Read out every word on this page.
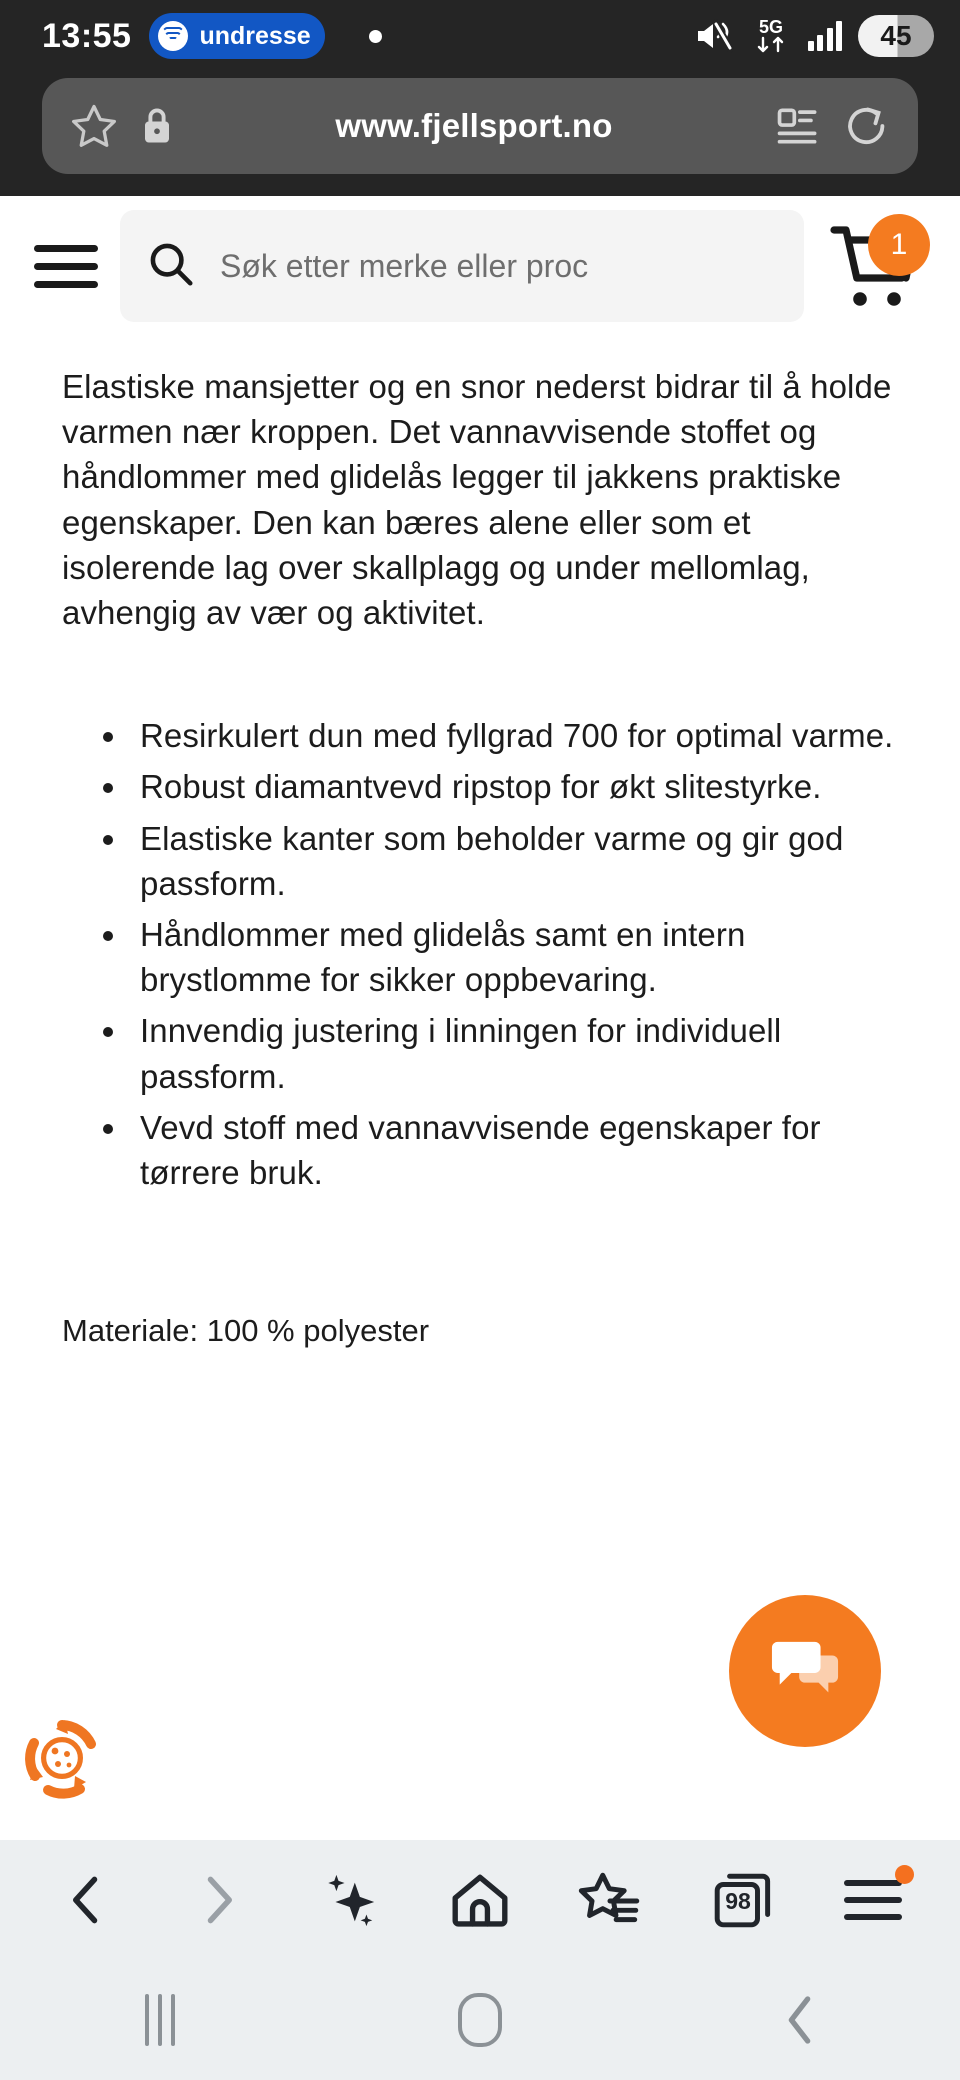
13:55	undresse	5G	45
www.fjellsport.no
Søk etter merke eller proc
1

Elastiske mansjetter og en snor nederst bidrar til å holde varmen nær kroppen. Det vannavvisende stoffet og håndlommer med glidelås legger til jakkens praktiske egenskaper. Den kan bæres alene eller som et isolerende lag over skallplagg og under mellomlag, avhengig av vær og aktivitet.

• Resirkulert dun med fyllgrad 700 for optimal varme.
• Robust diamantvevd ripstop for økt slitestyrke.
• Elastiske kanter som beholder varme og gir god passform.
• Håndlommer med glidelås samt en intern brystlomme for sikker oppbevaring.
• Innvendig justering i linningen for individuell passform.
• Vevd stoff med vannavvisende egenskaper for tørrere bruk.
Materiale: 100 % polyester
98
